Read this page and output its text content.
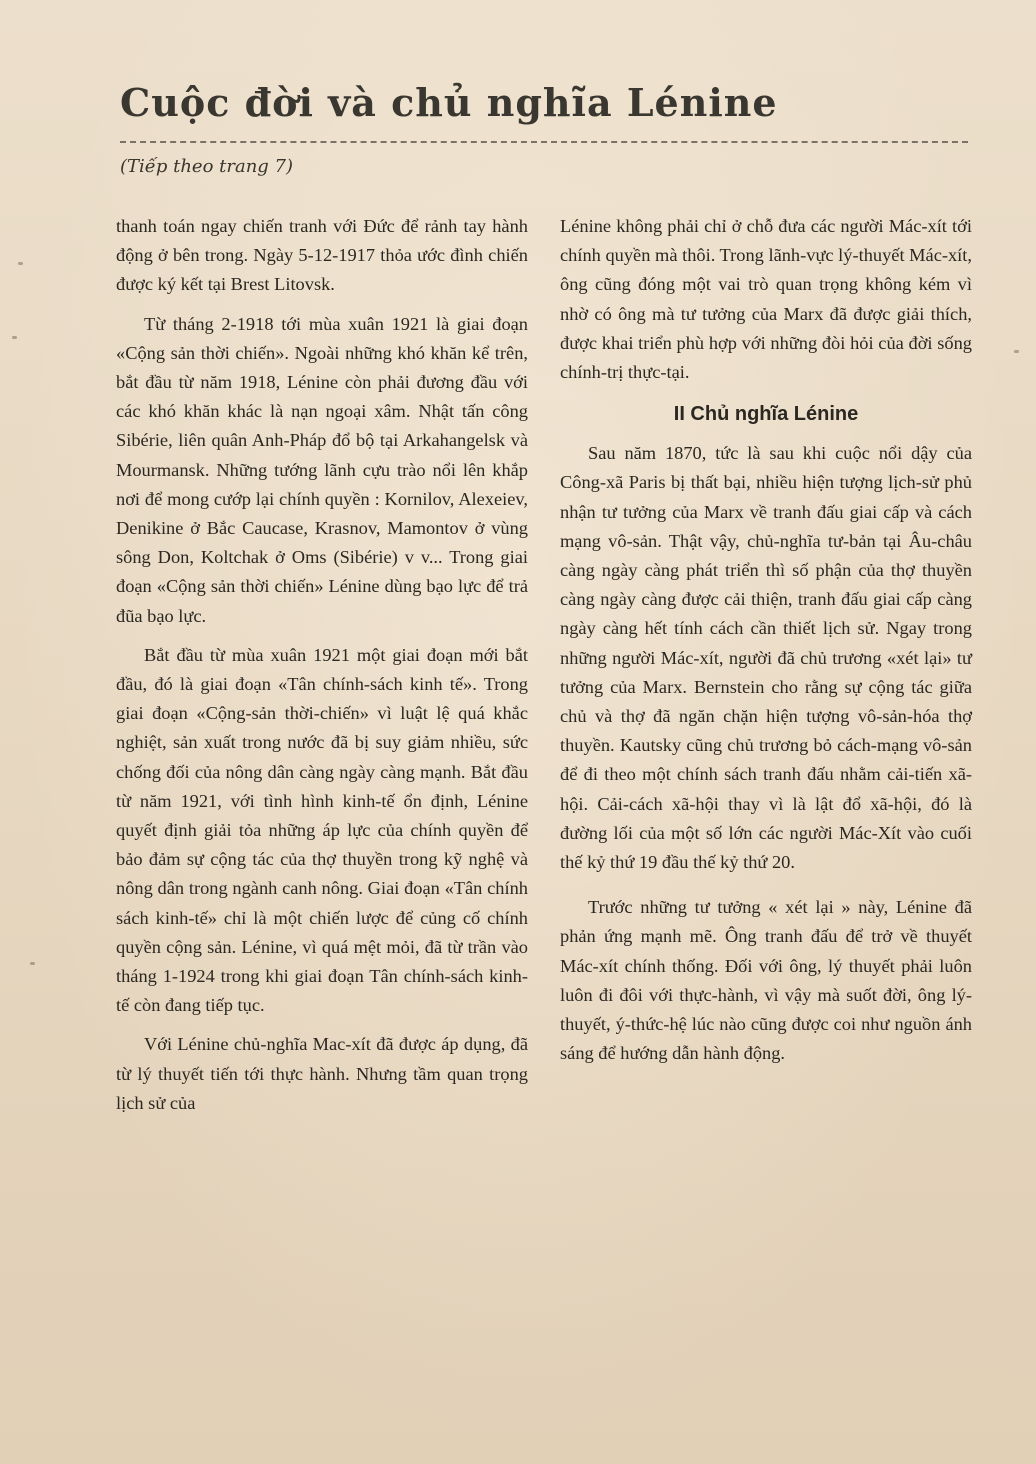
Cuộc đời và chủ nghĩa Lénine
(Tiếp theo trang 7)

thanh toán ngay chiến tranh với Đức để rảnh tay hành động ở bên trong. Ngày 5-12-1917 thỏa ước đình chiến được ký kết tại Brest Litovsk.

Từ tháng 2-1918 tới mùa xuân 1921 là giai đoạn «Cộng sản thời chiến». Ngoài những khó khăn kể trên, bắt đầu từ năm 1918, Lénine còn phải đương đầu với các khó khăn khác là nạn ngoại xâm. Nhật tấn công Sibérie, liên quân Anh-Pháp đổ bộ tại Arkahangelsk và Mourmansk. Những tướng lãnh cựu trào nổi lên khắp nơi để mong cướp lại chính quyền : Kornilov, Alexeiev, Denikine ở Bắc Caucase, Krasnov, Mamontov ở vùng sông Don, Koltchak ở Oms (Sibérie) v v... Trong giai đoạn «Cộng sản thời chiến» Lénine dùng bạo lực để trả đũa bạo lực.

Bắt đầu từ mùa xuân 1921 một giai đoạn mới bắt đầu, đó là giai đoạn «Tân chính-sách kinh tế». Trong giai đoạn «Cộng-sản thời-chiến» vì luật lệ quá khắc nghiệt, sản xuất trong nước đã bị suy giảm nhiều, sức chống đối của nông dân càng ngày càng mạnh. Bắt đầu từ năm 1921, với tình hình kinh-tế ổn định, Lénine quyết định giải tỏa những áp lực của chính quyền để bảo đảm sự cộng tác của thợ thuyền trong kỹ nghệ và nông dân trong ngành canh nông. Giai đoạn «Tân chính sách kinh-tế» chỉ là một chiến lược để củng cố chính quyền cộng sản. Lénine, vì quá mệt mỏi, đã từ trần vào tháng 1-1924 trong khi giai đoạn Tân chính-sách kinh-tế còn đang tiếp tục.

Với Lénine chủ-nghĩa Mac-xít đã được áp dụng, đã từ lý thuyết tiến tới thực hành. Nhưng tầm quan trọng lịch sử của

Lénine không phải chỉ ở chỗ đưa các người Mác-xít tới chính quyền mà thôi. Trong lãnh-vực lý-thuyết Mác-xít, ông cũng đóng một vai trò quan trọng không kém vì nhờ có ông mà tư tưởng của Marx đã được giải thích, được khai triển phù hợp với những đòi hỏi của đời sống chính-trị thực-tại.

II Chủ nghĩa Lénine

Sau năm 1870, tức là sau khi cuộc nổi dậy của Công-xã Paris bị thất bại, nhiều hiện tượng lịch-sử phủ nhận tư tưởng của Marx về tranh đấu giai cấp và cách mạng vô-sản. Thật vậy, chủ-nghĩa tư-bản tại Âu-châu càng ngày càng phát triển thì số phận của thợ thuyền càng ngày càng được cải thiện, tranh đấu giai cấp càng ngày càng hết tính cách cần thiết lịch sử. Ngay trong những người Mác-xít, người đã chủ trương «xét lại» tư tưởng của Marx. Bernstein cho rằng sự cộng tác giữa chủ và thợ đã ngăn chặn hiện tượng vô-sản-hóa thợ thuyền. Kautsky cũng chủ trương bỏ cách-mạng vô-sản để đi theo một chính sách tranh đấu nhằm cải-tiến xã-hội. Cải-cách xã-hội thay vì là lật đổ xã-hội, đó là đường lối của một số lớn các người Mác-Xít vào cuối thế kỷ thứ 19 đầu thế kỷ thứ 20.

Trước những tư tưởng « xét lại » này, Lénine đã phản ứng mạnh mẽ. Ông tranh đấu để trở về thuyết Mác-xít chính thống. Đối với ông, lý thuyết phải luôn luôn đi đôi với thực-hành, vì vậy mà suốt đời, ông lý-thuyết, ý-thức-hệ lúc nào cũng được coi như nguồn ánh sáng để hướng dẫn hành động.
